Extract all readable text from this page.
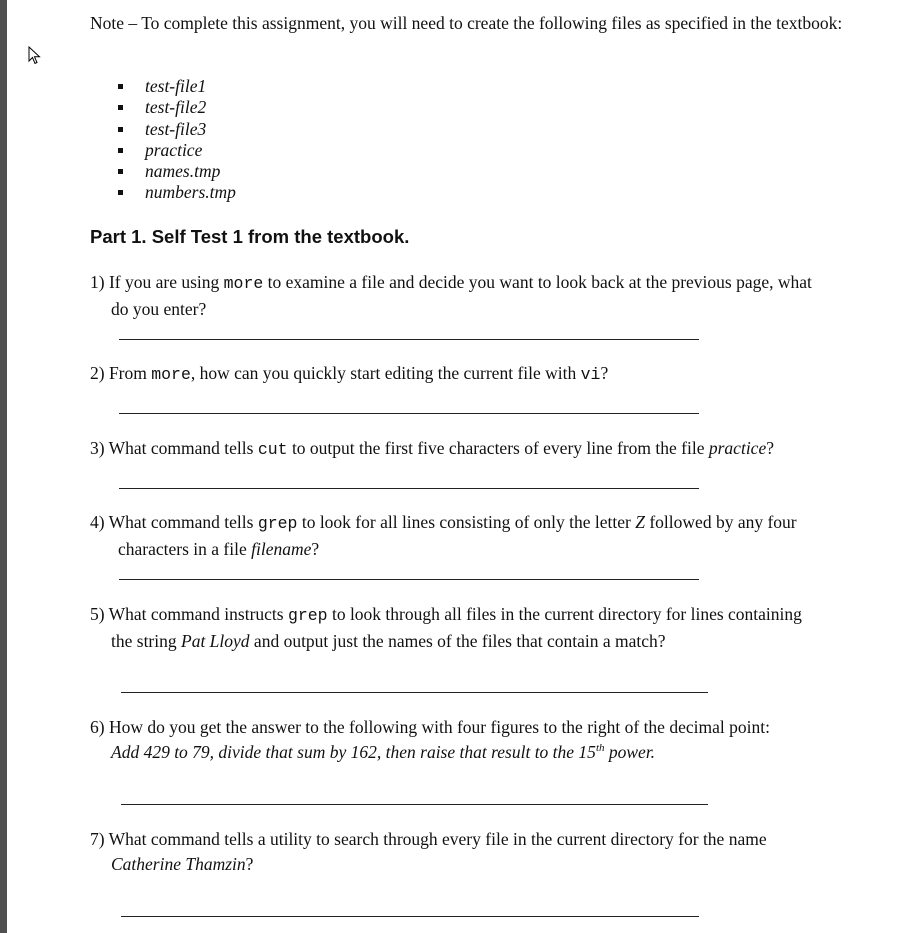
Note – To complete this assignment, you will need to create the following files as specified in the textbook:
test-file1
test-file2
test-file3
practice
names.tmp
numbers.tmp
Part 1. Self Test 1 from the textbook.
1) If you are using more to examine a file and decide you want to look back at the previous page, what
do you enter?
2) From more, how can you quickly start editing the current file with vi?
3) What command tells cut to output the first five characters of every line from the file practice?
4) What command tells grep to look for all lines consisting of only the letter Z followed by any four
characters in a file filename?
5) What command instructs grep to look through all files in the current directory for lines containing
the string Pat Lloyd and output just the names of the files that contain a match?
6) How do you get the answer to the following with four figures to the right of the decimal point:
Add 429 to 79, divide that sum by 162, then raise that result to the 15th power.
7) What command tells a utility to search through every file in the current directory for the name
Catherine Thamzin?
